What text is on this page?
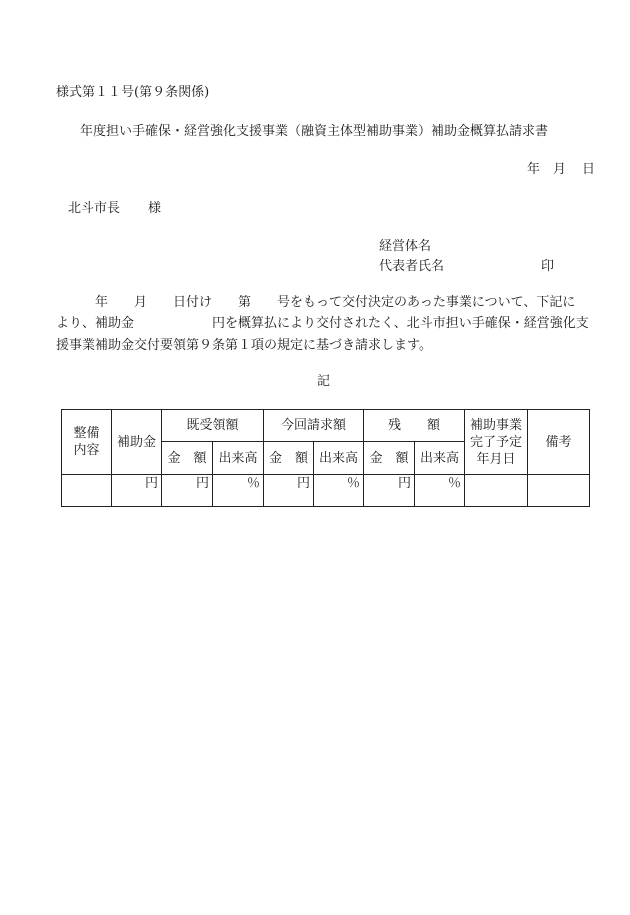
様式第１１号(第９条関係)
年度担い手確保・経営強化支援事業（融資主体型補助事業）補助金概算払請求書
年 月 日
北斗市長 様
経営体名
代表者氏名	印
　　　年　　月　　日付け　　第　　号をもって交付決定のあった事業について、下記に
より、補助金　　　　　　円を概算払により交付されたく、北斗市担い手確保・経営強化支
援事業補助金交付要領第９条第１項の規定に基づき請求します。
記
整備
内容	補助金	既受領額		今回請求額		残　　額		補助事業
完了予定
年月日	備考
		金　額	出来高	金　額	出来高	金　額	出来高		
	円	円	％	円	％	円	％		
